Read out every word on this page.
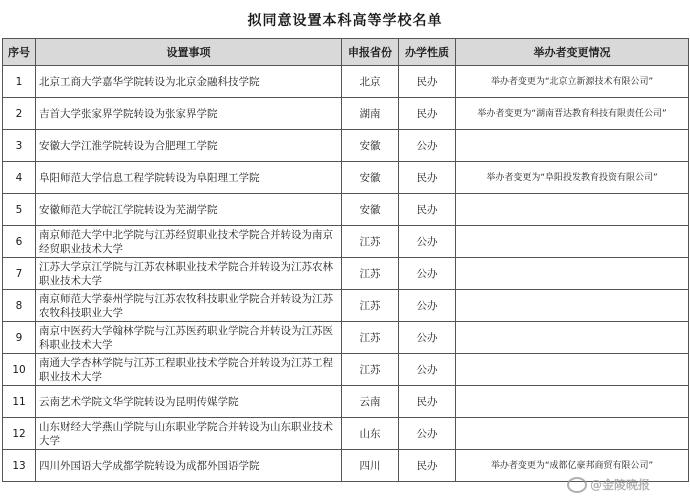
拟同意设置本科高等学校名单
序号	设置事项	申报省份	办学性质	举办者变更情况
1	北京工商大学嘉华学院转设为北京金融科技学院	北京	民办	举办者变更为“北京立新源技术有限公司”
2	吉首大学张家界学院转设为张家界学院	湖南	民办	举办者变更为“湖南晋达教育科技有限责任公司”
3	安徽大学江淮学院转设为合肥理工学院	安徽	公办	
4	阜阳师范大学信息工程学院转设为阜阳理工学院	安徽	民办	举办者变更为“阜阳投发教育投资有限公司”
5	安徽师范大学皖江学院转设为芜湖学院	安徽	民办	
6	南京师范大学中北学院与江苏经贸职业技术学院合并转设为南京经贸职业技术大学	江苏	公办	
7	江苏大学京江学院与江苏农林职业技术学院合并转设为江苏农林职业技术大学	江苏	公办	
8	南京师范大学泰州学院与江苏农牧科技职业学院合并转设为江苏农牧科技职业大学	江苏	公办	
9	南京中医药大学翰林学院与江苏医药职业学院合并转设为江苏医科职业技术大学	江苏	公办	
10	南通大学杏林学院与江苏工程职业技术学院合并转设为江苏工程职业技术大学	江苏	公办	
11	云南艺术学院文华学院转设为昆明传媒学院	云南	民办	
12	山东财经大学燕山学院与山东职业学院合并转设为山东职业技术大学	山东	公办	
13	四川外国语大学成都学院转设为成都外国语学院	四川	民办	举办者变更为“成都亿豪邦商贸有限公司”
@金陵晚报
